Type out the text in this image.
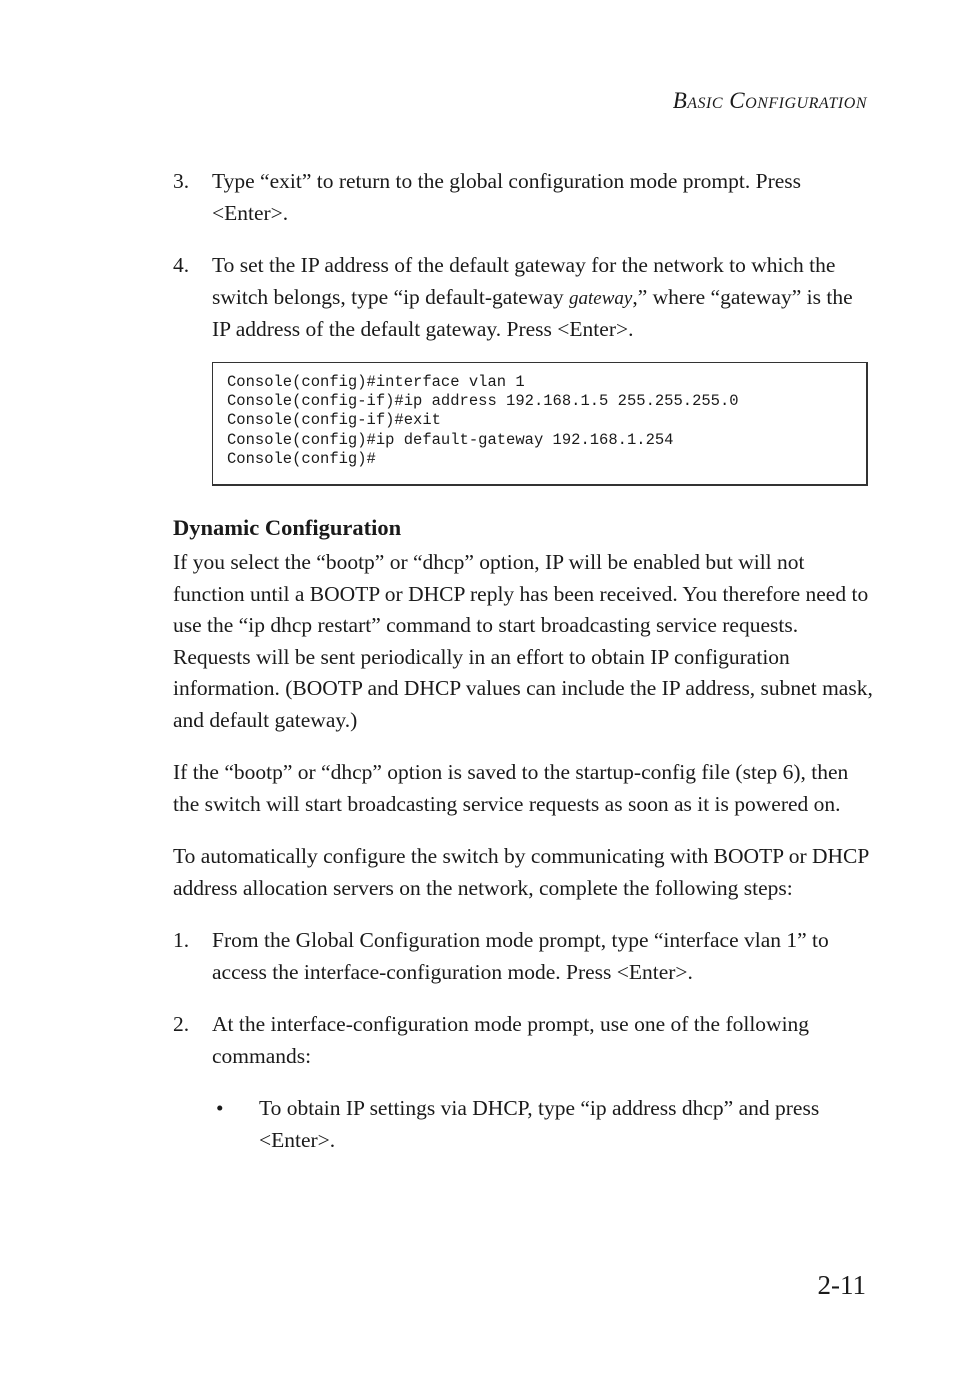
Basic Configuration
3. Type “exit” to return to the global configuration mode prompt. Press <Enter>.
4. To set the IP address of the default gateway for the network to which the switch belongs, type “ip default-gateway gateway,” where “gateway” is the IP address of the default gateway. Press <Enter>.
Console(config)#interface vlan 1
Console(config-if)#ip address 192.168.1.5 255.255.255.0
Console(config-if)#exit
Console(config)#ip default-gateway 192.168.1.254
Console(config)#
Dynamic Configuration

If you select the “bootp” or “dhcp” option, IP will be enabled but will not function until a BOOTP or DHCP reply has been received. You therefore need to use the “ip dhcp restart” command to start broadcasting service requests. Requests will be sent periodically in an effort to obtain IP configuration information. (BOOTP and DHCP values can include the IP address, subnet mask, and default gateway.)

If the “bootp” or “dhcp” option is saved to the startup-config file (step 6), then the switch will start broadcasting service requests as soon as it is powered on.

To automatically configure the switch by communicating with BOOTP or DHCP address allocation servers on the network, complete the following steps:

1. From the Global Configuration mode prompt, type “interface vlan 1” to access the interface-configuration mode. Press <Enter>.
2. At the interface-configuration mode prompt, use one of the following commands:
• To obtain IP settings via DHCP, type “ip address dhcp” and press <Enter>.
2-11
